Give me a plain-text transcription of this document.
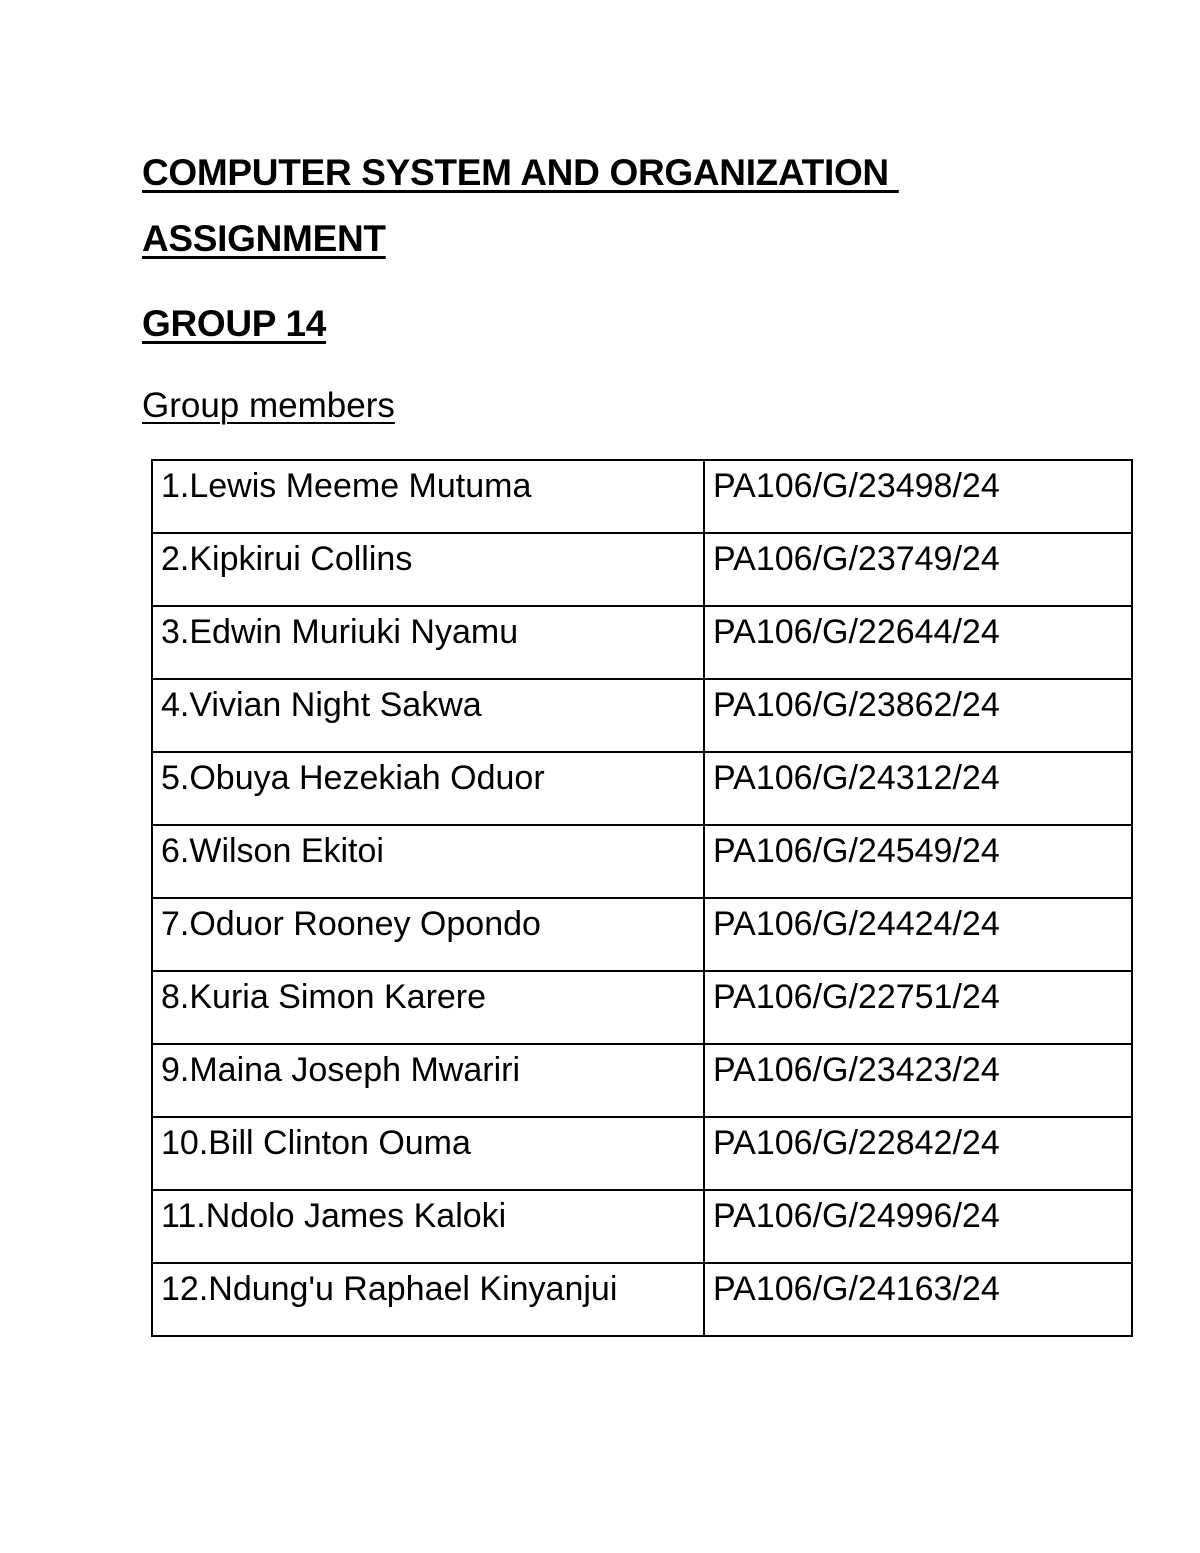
COMPUTER SYSTEM AND ORGANIZATION
ASSIGNMENT
GROUP 14

Group members

1.Lewis Meeme Mutuma	PA106/G/23498/24

2.Kipkirui Collins	PA106/G/23749/24

3.Edwin Muriuki Nyamu	PA106/G/22644/24

4.Vivian Night Sakwa	PA106/G/23862/24

5.Obuya Hezekiah Oduor	PA106/G/24312/24

6.Wilson Ekitoi	PA106/G/24549/24

7.Oduor Rooney Opondo	PA106/G/24424/24

8.Kuria Simon Karere	PA106/G/22751/24

9.Maina Joseph Mwariri	PA106/G/23423/24

10.Bill Clinton Ouma	PA106/G/22842/24

11.Ndolo James Kaloki	PA106/G/24996/24

12.Ndung'u Raphael Kinyanjui	PA106/G/24163/24
